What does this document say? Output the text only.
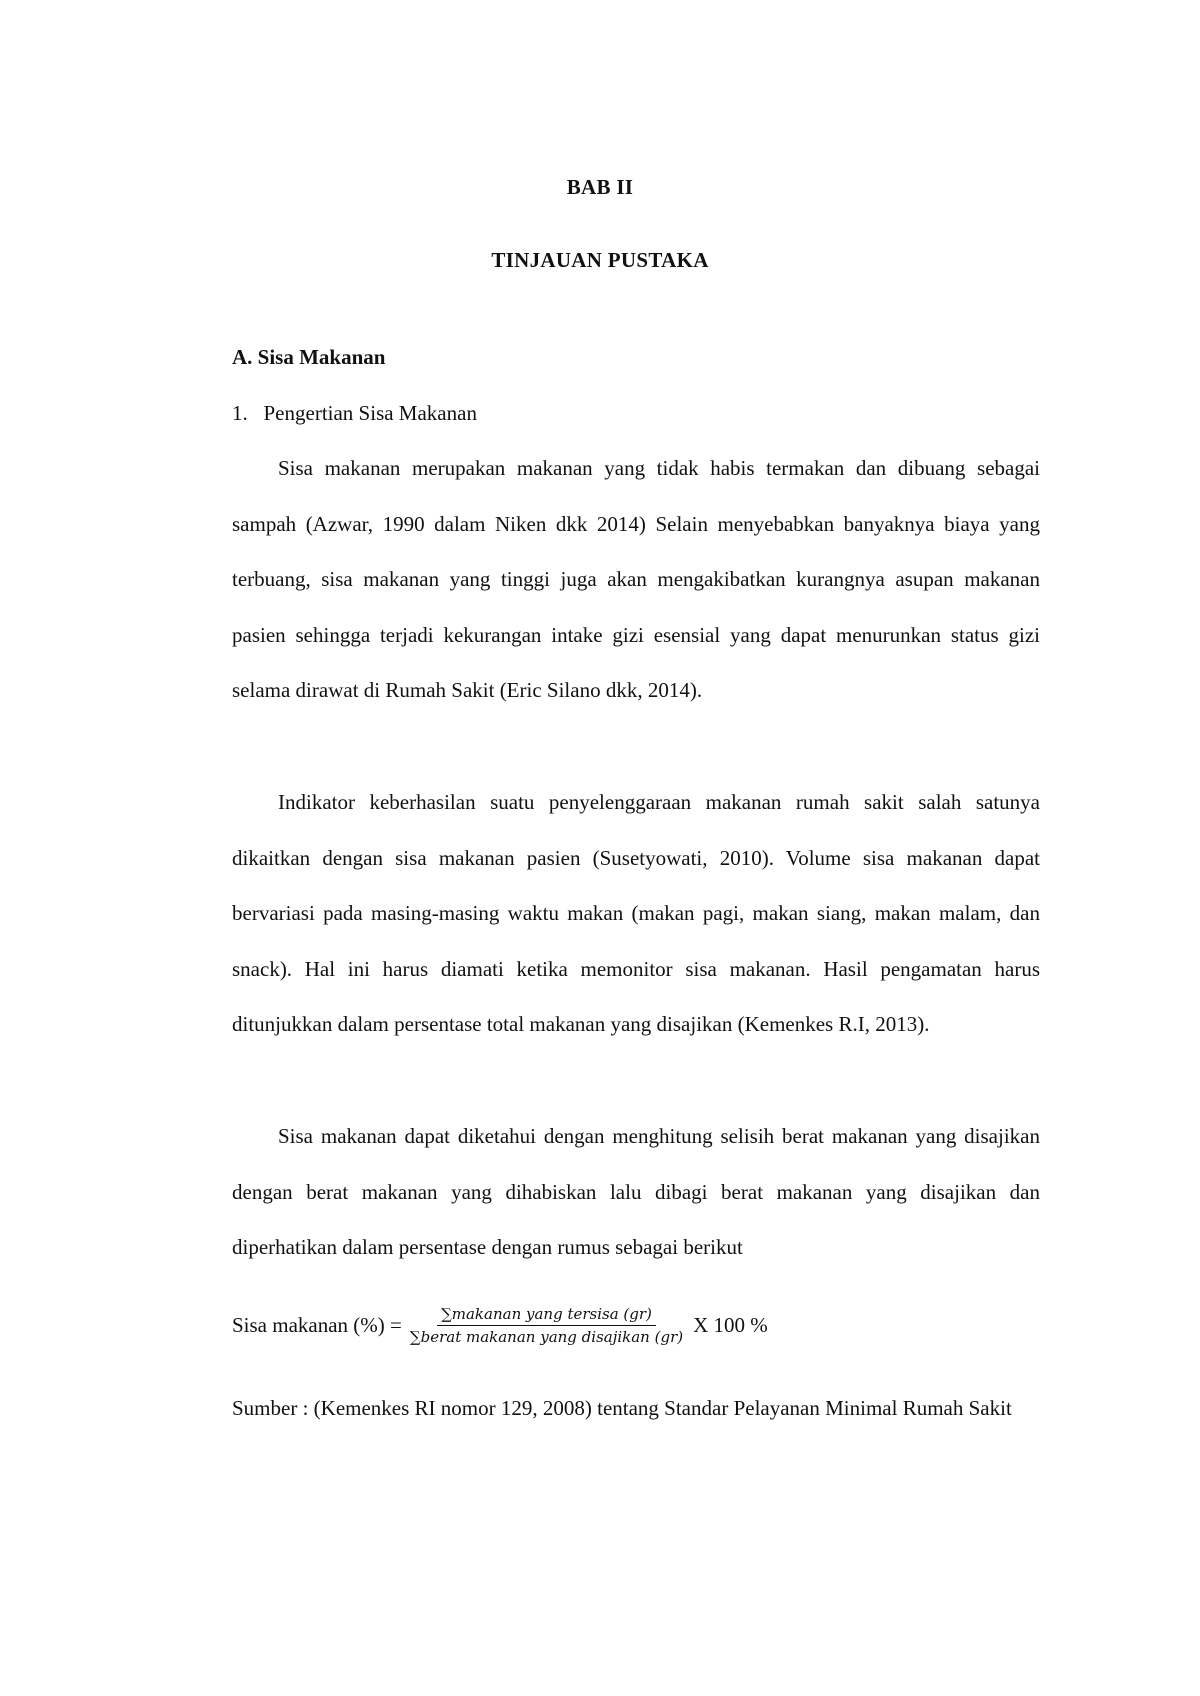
BAB II
TINJAUAN PUSTAKA
A. Sisa Makanan
1.   Pengertian Sisa Makanan

Sisa makanan merupakan makanan yang tidak habis termakan dan dibuang sebagai sampah (Azwar, 1990 dalam Niken dkk 2014) Selain menyebabkan banyaknya biaya yang terbuang, sisa makanan yang tinggi juga akan mengakibatkan kurangnya asupan makanan pasien sehingga terjadi kekurangan intake gizi esensial yang dapat menurunkan status gizi selama dirawat di Rumah Sakit (Eric Silano dkk, 2014).

Indikator keberhasilan suatu penyelenggaraan makanan rumah sakit salah satunya dikaitkan dengan sisa makanan pasien (Susetyowati, 2010). Volume sisa makanan dapat bervariasi pada masing-masing waktu makan (makan pagi, makan siang, makan malam, dan snack). Hal ini harus diamati ketika memonitor sisa makanan. Hasil pengamatan harus ditunjukkan dalam persentase total makanan yang disajikan (Kemenkes R.I, 2013).

Sisa makanan dapat diketahui dengan menghitung selisih berat makanan yang disajikan dengan berat makanan yang dihabiskan lalu dibagi berat makanan yang disajikan dan diperhatikan dalam persentase dengan rumus sebagai berikut

Sisa makanan (%) = $\frac{\text{∑makanan yang tersisa (gr)}}{\text{∑berat makanan yang disajikan (gr)}}$ X 100 %

Sumber : (Kemenkes RI nomor 129, 2008) tentang Standar Pelayanan Minimal Rumah Sakit
